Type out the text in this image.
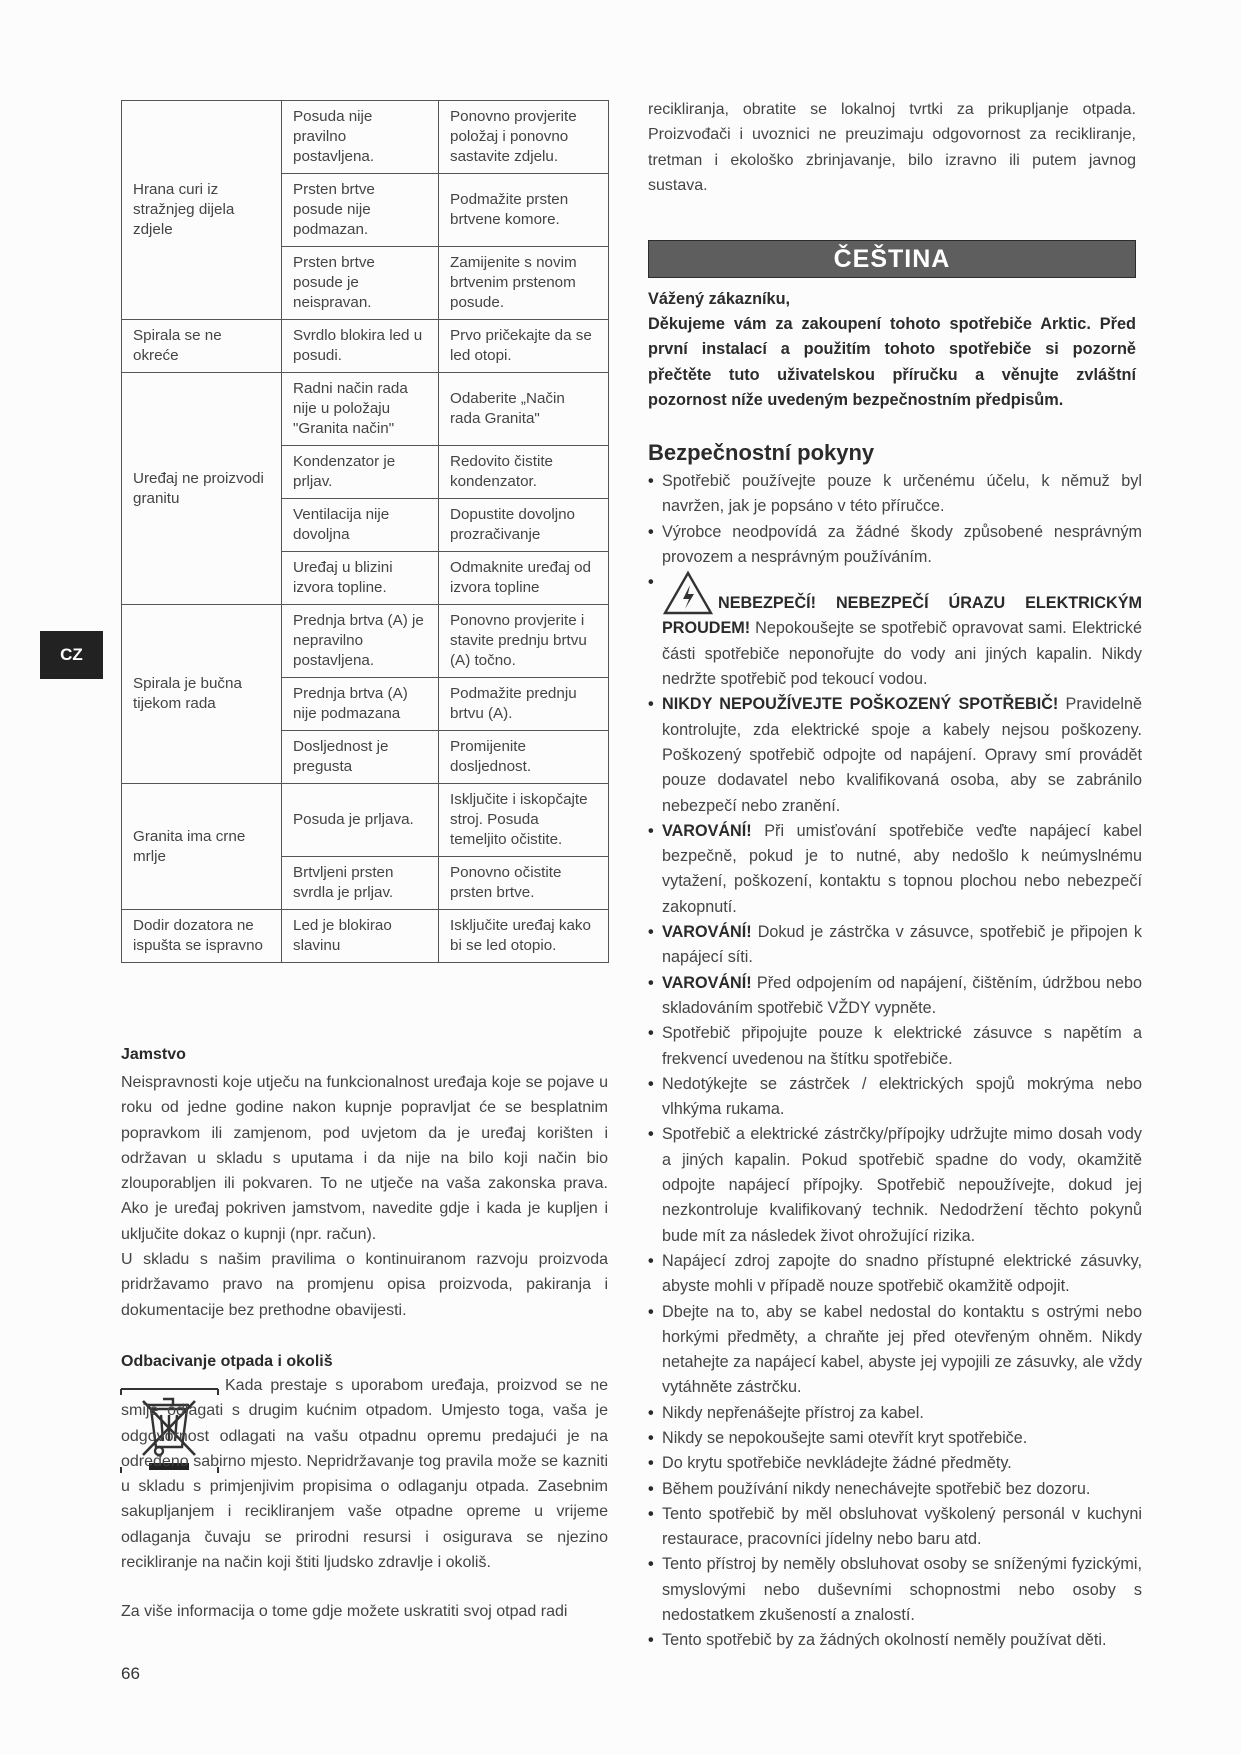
Hrana curi iz stražnjeg dijela zdjele	Posuda nije pravilno postavljena.	Ponovno provjerite položaj i ponovno sastavite zdjelu.
	Prsten brtve posude nije podmazan.	Podmažite prsten brtvene komore.
	Prsten brtve posude je neispravan.	Zamijenite s novim brtvenim prstenom posude.
Spirala se ne okreće	Svrdlo blokira led u posudi.	Prvo pričekajte da se led otopi.
Uređaj ne proizvodi granitu	Radni način rada nije u položaju "Granita način"	Odaberite „Način rada Granita"
	Kondenzator je prljav.	Redovito čistite kondenzator.
	Ventilacija nije dovoljna	Dopustite dovoljno prozračivanje
	Uređaj u blizini izvora topline.	Odmaknite uređaj od izvora topline
Spirala je bučna tijekom rada	Prednja brtva (A) je nepravilno postavljena.	Ponovno provjerite i stavite prednju brtvu (A) točno.
	Prednja brtva (A) nije podmazana	Podmažite prednju brtvu (A).
	Dosljednost je pregusta	Promijenite dosljednost.
Granita ima crne mrlje	Posuda je prljava.	Isključite i iskopčajte stroj. Posuda temeljito očistite.
	Brtvljeni prsten svrdla je prljav.	Ponovno očistite prsten brtve.
Dodir dozatora ne ispušta se ispravno	Led je blokirao slavinu	Isključite uređaj kako bi se led otopio.
Jamstvo

Neispravnosti koje utječu na funkcionalnost uređaja koje se pojave u roku od jedne godine nakon kupnje popravljat će se besplatnim popravkom ili zamjenom, pod uvjetom da je uređaj korišten i održavan u skladu s uputama i da nije na bilo koji način bio zlouporabljen ili pokvaren. To ne utječe na vaša zakonska prava. Ako je uređaj pokriven jamstvom, navedite gdje i kada je kupljen i uključite dokaz o kupnji (npr. račun).

U skladu s našim pravilima o kontinuiranom razvoju proizvoda pridržavamo pravo na promjenu opisa proizvoda, pakiranja i dokumentacije bez prethodne obavijesti.

Odbacivanje otpada i okoliš

Kada prestaje s uporabom uređaja, proizvod se ne smije odlagati s drugim kućnim otpadom. Umjesto toga, vaša je odgovornost odlagati na vašu otpadnu opremu predajući je na određeno sabirno mjesto. Nepridržavanje tog pravila može se kazniti u skladu s primjenjivim propisima o odlaganju otpada. Zasebnim sakupljanjem i recikliranjem vaše otpadne opreme u vrijeme odlaganja čuvaju se prirodni resursi i osigurava se njezino recikliranje na način koji štiti ljudsko zdravlje i okoliš.

Za više informacija o tome gdje možete uskratiti svoj otpad radi

recikliranja, obratite se lokalnoj tvrtki za prikupljanje otpada. Proizvođači i uvoznici ne preuzimaju odgovornost za recikliranje, tretman i ekološko zbrinjavanje, bilo izravno ili putem javnog sustava.

ČEŠTINA

Vážený zákazníku,

Děkujeme vám za zakoupení tohoto spotřebiče Arktic. Před první instalací a použitím tohoto spotřebiče si pozorně přečtěte tuto uživatelskou příručku a věnujte zvláštní pozornost níže uvedeným bezpečnostním předpisům.

Bezpečnostní pokyny
• Spotřebič používejte pouze k určenému účelu, k němuž byl navržen, jak je popsáno v této příručce.
• Výrobce neodpovídá za žádné škody způsobené nesprávným provozem a nesprávným používáním.
•
NEBEZPEČÍ! NEBEZPEČÍ ÚRAZU ELEKTRICKÝM PROUDEM! Nepokoušejte se spotřebič opravovat sami. Elektrické části spotřebiče neponořujte do vody ani jiných kapalin. Nikdy nedržte spotřebič pod tekoucí vodou.
• NIKDY NEPOUŽÍVEJTE POŠKOZENÝ SPOTŘEBIČ! Pravidelně kontrolujte, zda elektrické spoje a kabely nejsou poškozeny. Poškozený spotřebič odpojte od napájení. Opravy smí provádět pouze dodavatel nebo kvalifikovaná osoba, aby se zabránilo nebezpečí nebo zranění.
• VAROVÁNÍ! Při umisťování spotřebiče veďte napájecí kabel bezpečně, pokud je to nutné, aby nedošlo k neúmyslnému vytažení, poškození, kontaktu s topnou plochou nebo nebezpečí zakopnutí.
• VAROVÁNÍ! Dokud je zástrčka v zásuvce, spotřebič je připojen k napájecí síti.
• VAROVÁNÍ! Před odpojením od napájení, čištěním, údržbou nebo skladováním spotřebič VŽDY vypněte.
• Spotřebič připojujte pouze k elektrické zásuvce s napětím a frekvencí uvedenou na štítku spotřebiče.
• Nedotýkejte se zástrček / elektrických spojů mokrýma nebo vlhkýma rukama.
• Spotřebič a elektrické zástrčky/přípojky udržujte mimo dosah vody a jiných kapalin. Pokud spotřebič spadne do vody, okamžitě odpojte napájecí přípojky. Spotřebič nepoužívejte, dokud jej nezkontroluje kvalifikovaný technik. Nedodržení těchto pokynů bude mít za následek život ohrožující rizika.
• Napájecí zdroj zapojte do snadno přístupné elektrické zásuvky, abyste mohli v případě nouze spotřebič okamžitě odpojit.
• Dbejte na to, aby se kabel nedostal do kontaktu s ostrými nebo horkými předměty, a chraňte jej před otevřeným ohněm. Nikdy netahejte za napájecí kabel, abyste jej vypojili ze zásuvky, ale vždy vytáhněte zástrčku.
• Nikdy nepřenášejte přístroj za kabel.
• Nikdy se nepokoušejte sami otevřít kryt spotřebiče.
• Do krytu spotřebiče nevkládejte žádné předměty.
• Během používání nikdy nenechávejte spotřebič bez dozoru.
• Tento spotřebič by měl obsluhovat vyškolený personál v kuchyni restaurace, pracovníci jídelny nebo baru atd.
• Tento přístroj by neměly obsluhovat osoby se sníženými fyzickými, smyslovými nebo duševními schopnostmi nebo osoby s nedostatkem zkušeností a znalostí.
• Tento spotřebič by za žádných okolností neměly používat děti.
CZ
66
